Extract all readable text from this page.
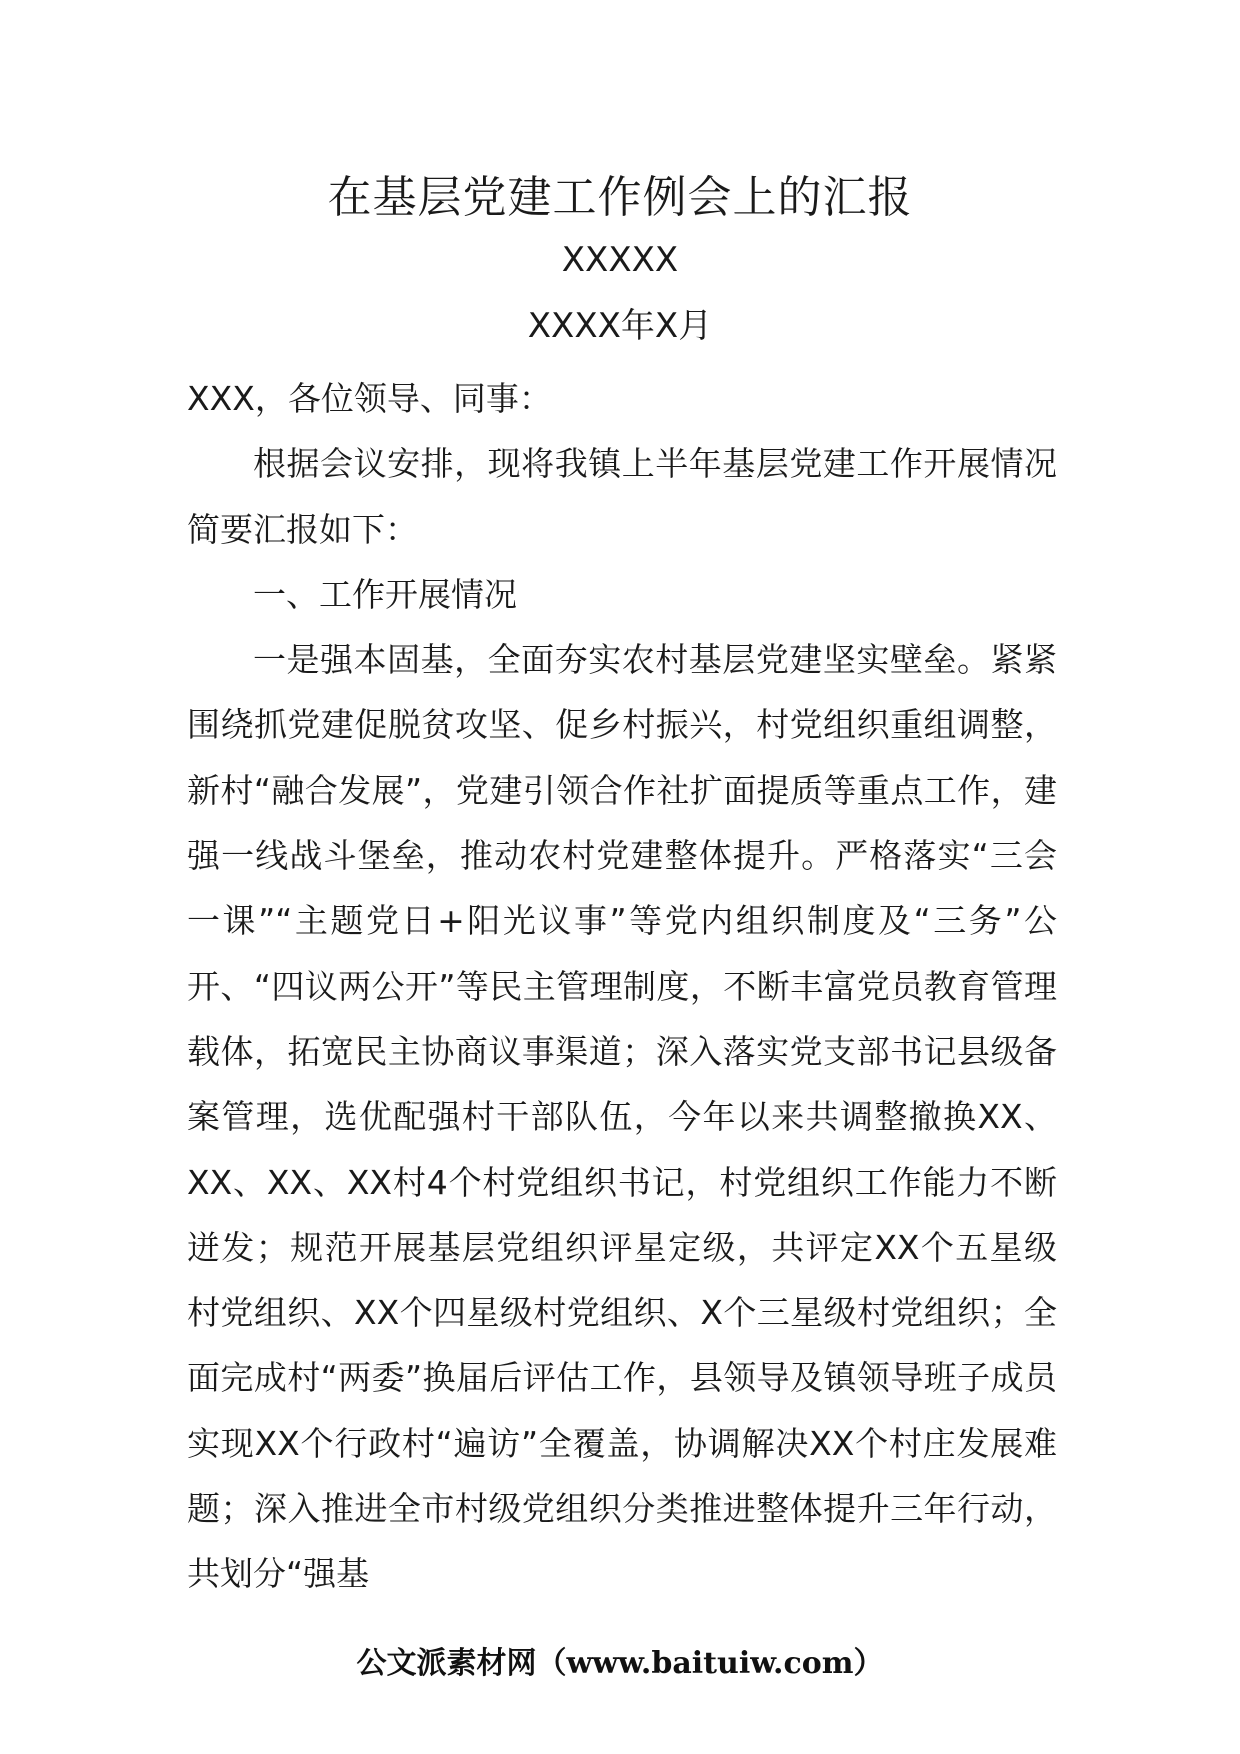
在基层党建工作例会上的汇报
XXXXX
XXXX年X月

XXX，各位领导、同事：

根据会议安排，现将我镇上半年基层党建工作开展情况简要汇报如下：

一、工作开展情况

一是强本固基，全面夯实农村基层党建坚实壁垒。紧紧围绕抓党建促脱贫攻坚、促乡村振兴，村党组织重组调整，新村“融合发展”，党建引领合作社扩面提质等重点工作，建强一线战斗堡垒，推动农村党建整体提升。严格落实“三会一课”“主题党日+阳光议事”等党内组织制度及“三务”公开、“四议两公开”等民主管理制度，不断丰富党员教育管理载体，拓宽民主协商议事渠道；深入落实党支部书记县级备案管理，选优配强村干部队伍，今年以来共调整撤换XX、XX、XX、XX村4个村党组织书记，村党组织工作能力不断迸发；规范开展基层党组织评星定级，共评定XX个五星级村党组织、XX个四星级村党组织、X个三星级村党组织；全面完成村“两委”换届后评估工作，县领导及镇领导班子成员实现XX个行政村“遍访”全覆盖，协调解决XX个村庄发展难题；深入推进全市村级党组织分类推进整体提升三年行动，共划分“强基

公文派素材网（www.baituiw.com）
